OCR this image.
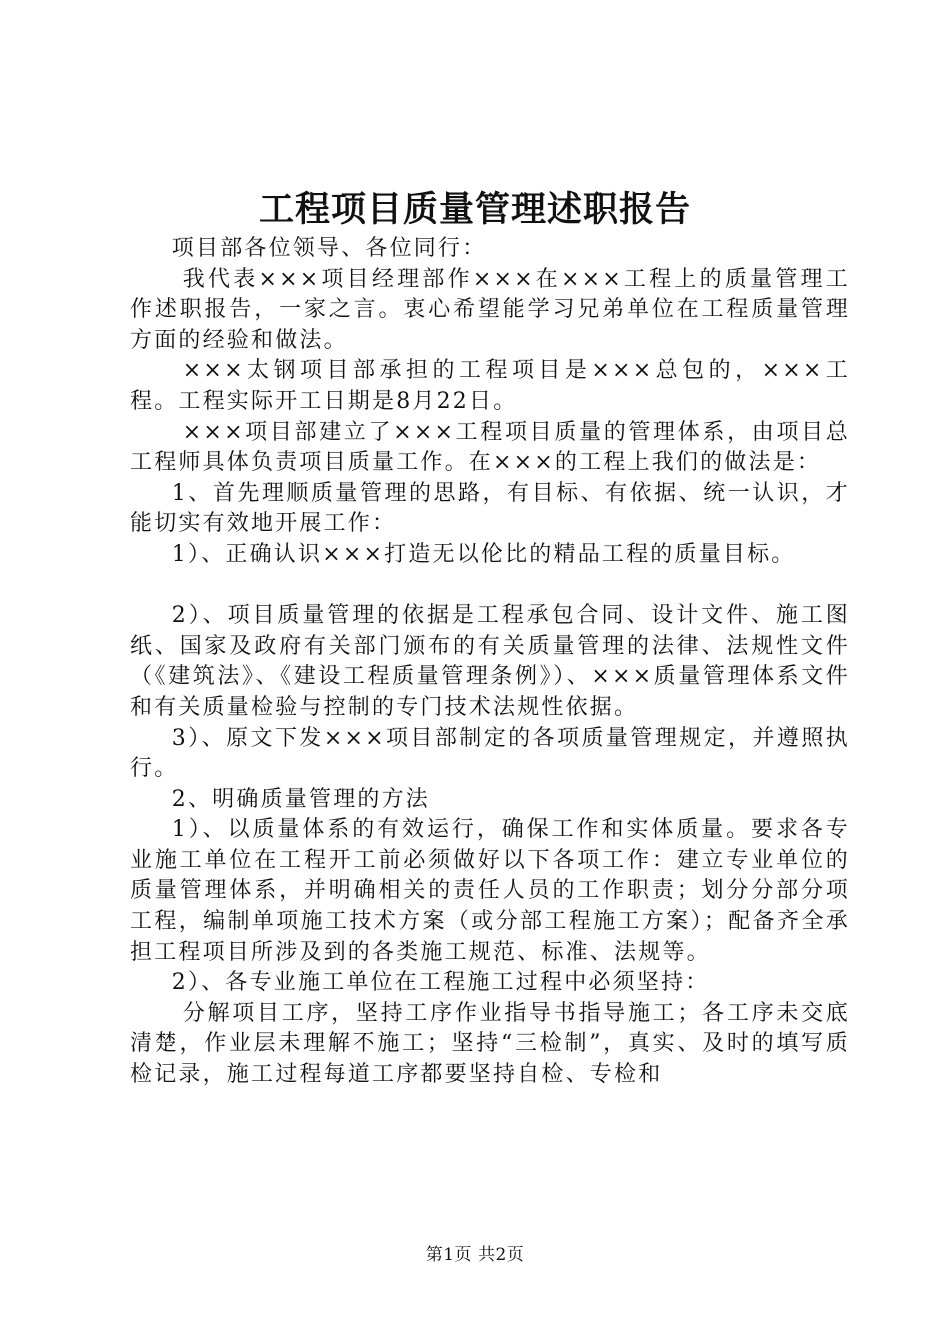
工程项目质量管理述职报告

项目部各位领导、各位同行：

我代表×××项目经理部作×××在×××工程上的质量管理工作述职报告，一家之言。衷心希望能学习兄弟单位在工程质量管理方面的经验和做法。

×××太钢项目部承担的工程项目是×××总包的，×××工程。工程实际开工日期是8月22日。

×××项目部建立了×××工程项目质量的管理体系，由项目总工程师具体负责项目质量工作。在×××的工程上我们的做法是：

1、首先理顺质量管理的思路，有目标、有依据、统一认识，才能切实有效地开展工作：

1）、正确认识×××打造无以伦比的精品工程的质量目标。

2）、项目质量管理的依据是工程承包合同、设计文件、施工图纸、国家及政府有关部门颁布的有关质量管理的法律、法规性文件（《建筑法》、《建设工程质量管理条例》）、×××质量管理体系文件和有关质量检验与控制的专门技术法规性依据。

3）、原文下发×××项目部制定的各项质量管理规定，并遵照执行。

2、明确质量管理的方法

1）、以质量体系的有效运行，确保工作和实体质量。要求各专业施工单位在工程开工前必须做好以下各项工作：建立专业单位的质量管理体系，并明确相关的责任人员的工作职责；划分分部分项工程，编制单项施工技术方案（或分部工程施工方案）；配备齐全承担工程项目所涉及到的各类施工规范、标准、法规等。

2）、各专业施工单位在工程施工过程中必须坚持：

分解项目工序，坚持工序作业指导书指导施工；各工序未交底清楚，作业层未理解不施工；坚持“三检制”，真实、及时的填写质检记录，施工过程每道工序都要坚持自检、专检和

第1页 共2页
